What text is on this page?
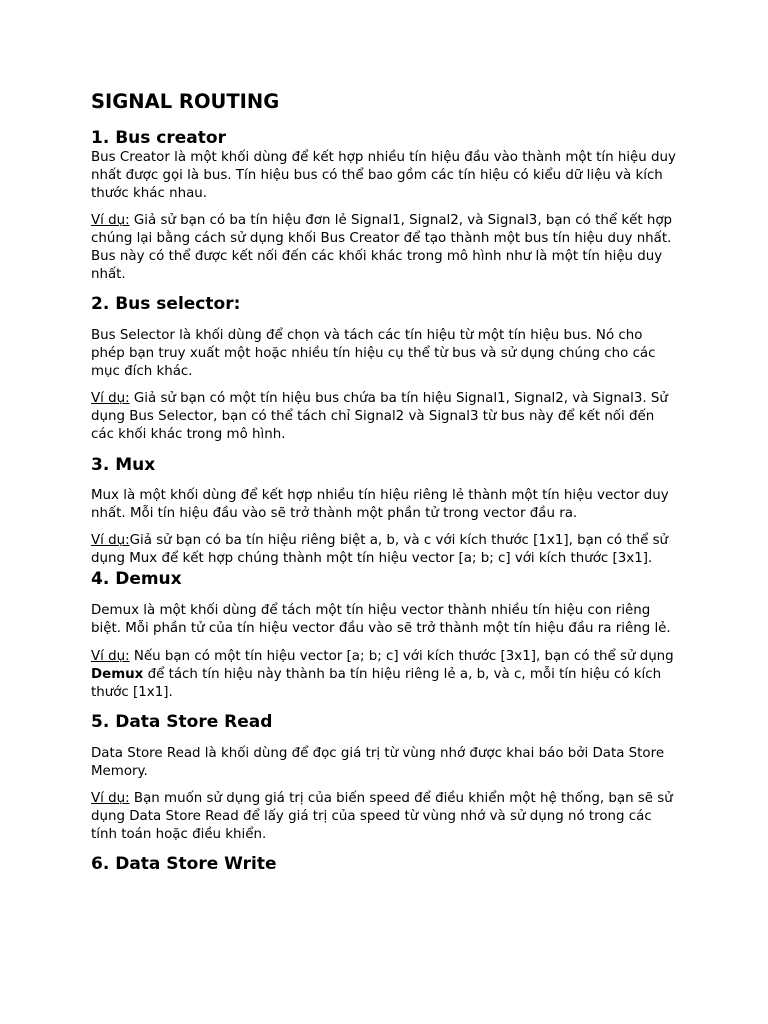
SIGNAL ROUTING
1. Bus creator

Bus Creator là một khối dùng để kết hợp nhiều tín hiệu đầu vào thành một tín hiệu duy nhất được gọi là bus. Tín hiệu bus có thể bao gồm các tín hiệu có kiểu dữ liệu và kích thước khác nhau.

Ví dụ: Giả sử bạn có ba tín hiệu đơn lẻ Signal1, Signal2, và Signal3, bạn có thể kết hợp chúng lại bằng cách sử dụng khối Bus Creator để tạo thành một bus tín hiệu duy nhất. Bus này có thể được kết nối đến các khối khác trong mô hình như là một tín hiệu duy nhất.

2. Bus selector:

Bus Selector là khối dùng để chọn và tách các tín hiệu từ một tín hiệu bus. Nó cho phép bạn truy xuất một hoặc nhiều tín hiệu cụ thể từ bus và sử dụng chúng cho các mục đích khác.

Ví dụ: Giả sử bạn có một tín hiệu bus chứa ba tín hiệu Signal1, Signal2, và Signal3. Sử dụng Bus Selector, bạn có thể tách chỉ Signal2 và Signal3 từ bus này để kết nối đến các khối khác trong mô hình.

3. Mux

Mux là một khối dùng để kết hợp nhiều tín hiệu riêng lẻ thành một tín hiệu vector duy nhất. Mỗi tín hiệu đầu vào sẽ trở thành một phần tử trong vector đầu ra.

Ví dụ:Giả sử bạn có ba tín hiệu riêng biệt a, b, và c với kích thước [1x1], bạn có thể sử dụng Mux để kết hợp chúng thành một tín hiệu vector [a; b; c] với kích thước [3x1].

4. Demux

Demux là một khối dùng để tách một tín hiệu vector thành nhiều tín hiệu con riêng biệt. Mỗi phần tử của tín hiệu vector đầu vào sẽ trở thành một tín hiệu đầu ra riêng lẻ.

Ví dụ: Nếu bạn có một tín hiệu vector [a; b; c] với kích thước [3x1], bạn có thể sử dụng Demux để tách tín hiệu này thành ba tín hiệu riêng lẻ a, b, và c, mỗi tín hiệu có kích thước [1x1].

5. Data Store Read

Data Store Read là khối dùng để đọc giá trị từ vùng nhớ được khai báo bởi Data Store Memory.

Ví dụ: Bạn muốn sử dụng giá trị của biến speed để điều khiển một hệ thống, bạn sẽ sử dụng Data Store Read để lấy giá trị của speed từ vùng nhớ và sử dụng nó trong các tính toán hoặc điều khiển.

6. Data Store Write
